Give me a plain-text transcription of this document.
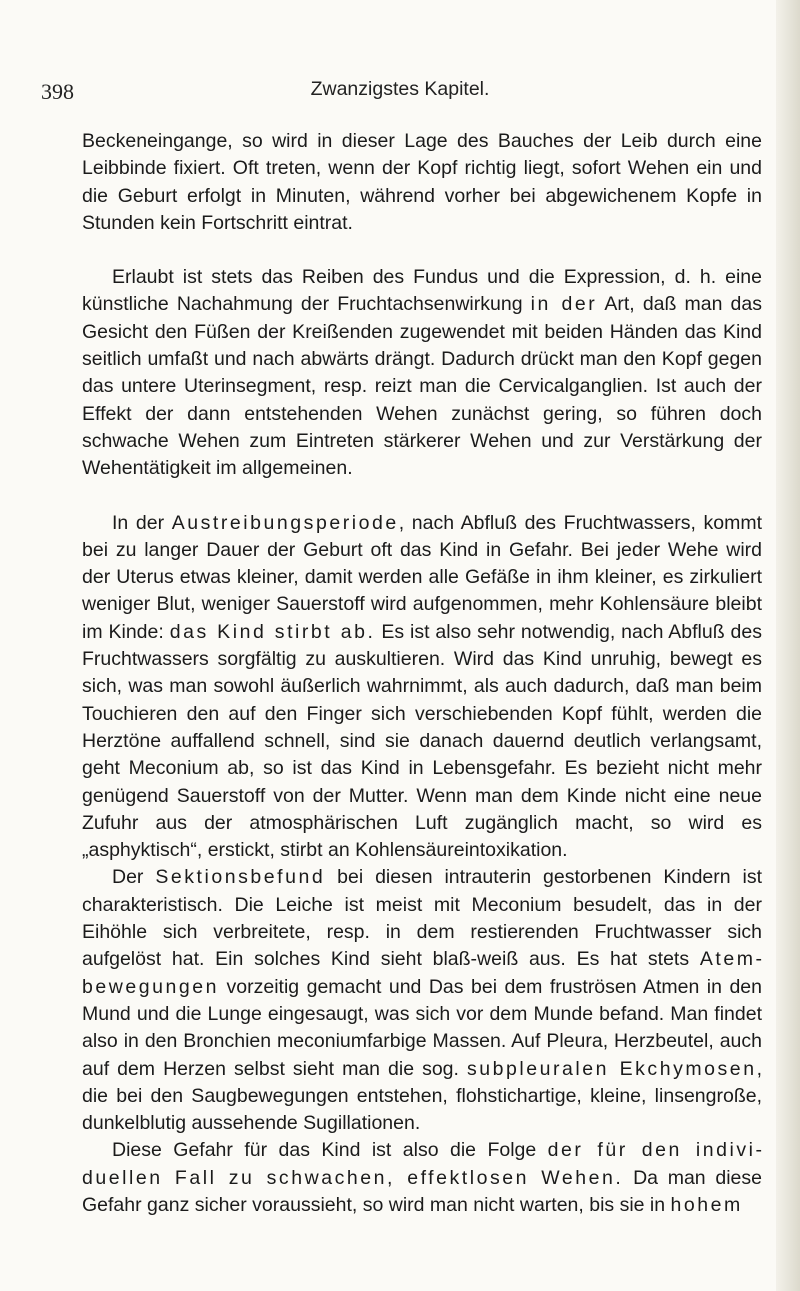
398	Zwanzigstes Kapitel.

Beckeneingange, so wird in dieser Lage des Bauches der Leib durch eine Leibbinde fixiert. Oft treten, wenn der Kopf richtig liegt, sofort Wehen ein und die Geburt erfolgt in Minuten, während vorher bei abgewichenem Kopfe in Stunden kein Fortschritt eintrat.

Erlaubt ist stets das Reiben des Fundus und die Expression, d. h. eine künstliche Nachahmung der Fruchtachsenwirkung in der Art, daß man das Gesicht den Füßen der Kreißenden zugewendet mit beiden Händen das Kind seitlich umfaßt und nach abwärts drängt. Dadurch drückt man den Kopf gegen das untere Uterinsegment, resp. reizt man die Cervicalganglien. Ist auch der Effekt der dann entstehenden Wehen zunächst gering, so führen doch schwache Wehen zum Eintreten stärkerer Wehen und zur Verstärkung der Wehentätigkeit im allgemeinen.

In der Austreibungsperiode, nach Abfluß des Fruchtwassers, kommt bei zu langer Dauer der Geburt oft das Kind in Gefahr. Bei jeder Wehe wird der Uterus etwas kleiner, damit werden alle Gefäße in ihm kleiner, es zirkuliert weniger Blut, weniger Sauerstoff wird aufgenommen, mehr Kohlensäure bleibt im Kinde: das Kind stirbt ab. Es ist also sehr notwendig, nach Abfluß des Fruchtwassers sorgfältig zu auskultieren. Wird das Kind unruhig, bewegt es sich, was man sowohl äußerlich wahrnimmt, als auch dadurch, daß man beim Touchieren den auf den Finger sich verschiebenden Kopf fühlt, werden die Herztöne auffallend schnell, sind sie danach dauernd deutlich verlangsamt, geht Meconium ab, so ist das Kind in Lebensgefahr. Es bezieht nicht mehr genügend Sauerstoff von der Mutter. Wenn man dem Kinde nicht eine neue Zufuhr aus der atmosphärischen Luft zugänglich macht, so wird es „asphyktisch“, erstickt, stirbt an Kohlensäureintoxikation.

Der Sektionsbefund bei diesen intrauterin gestorbenen Kindern ist charakteristisch. Die Leiche ist meist mit Meconium besudelt, das in der Eihöhle sich verbreitete, resp. in dem restierenden Fruchtwasser sich aufgelöst hat. Ein solches Kind sieht blaß-weiß aus. Es hat stets Atembewegungen vorzeitig gemacht und Das bei dem fruströsen Atmen in den Mund und die Lunge eingesaugt, was sich vor dem Munde befand. Man findet also in den Bronchien meconiumfarbige Massen. Auf Pleura, Herzbeutel, auch auf dem Herzen selbst sieht man die sog. subpleuralen Ekchymosen, die bei den Saugbewegungen entstehen, flohstichartige, kleine, linsengroße, dunkelblutig aussehende Sugillationen.

Diese Gefahr für das Kind ist also die Folge der für den individuellen Fall zu schwachen, effektlosen Wehen. Da man diese Gefahr ganz sicher voraussieht, so wird man nicht warten, bis sie in hohem
